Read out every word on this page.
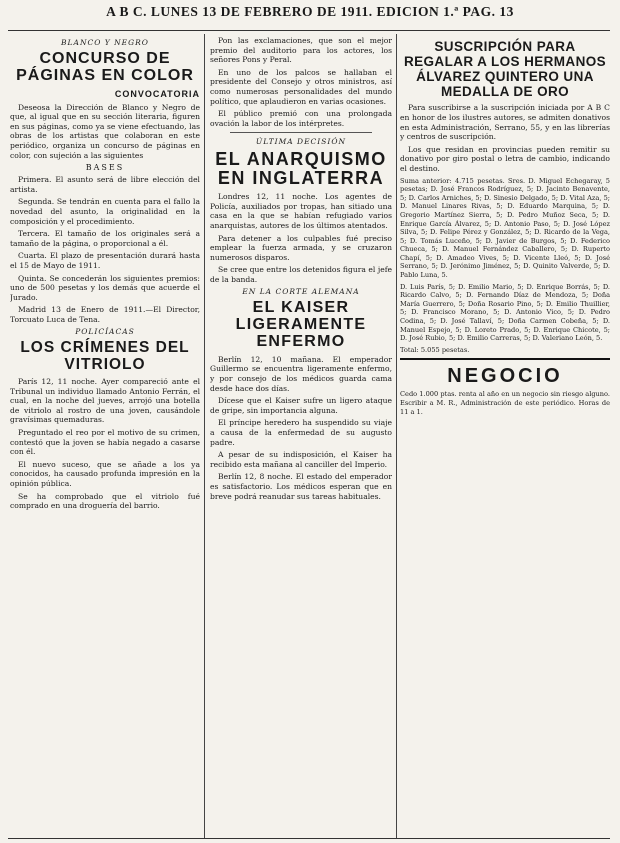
A B C. LUNES 13 DE FEBRERO DE 1911. EDICION 1.ª PAG. 13
BLANCO Y NEGRO
CONCURSO DE PÁGINAS EN COLOR
CONVOCATORIA

Deseosa la Dirección de Blanco y Negro de que, al igual que en su sección literaria, figuren en sus páginas, como ya se viene efectuando, las obras de los artistas que colaboran en este periódico, organiza un concurso de páginas en color, con sujeción a las siguientes

BASES

Primera. El asunto será de libre elección del artista.

Segunda. Se tendrán en cuenta para el fallo la novedad del asunto, la originalidad en la composición y el procedimiento.

Tercera. El tamaño de los originales será a tamaño de la página, o proporcional a él.

Cuarta. El plazo de presentación durará hasta el 15 de Mayo de 1911.

Quinta. Se concederán los siguientes premios: uno de 500 pesetas y los demás que acuerde el Jurado.

Madrid 13 de Enero de 1911.—El Director, Torcuato Luca de Tena.

POLICÍACAS
LOS CRÍMENES DEL VITRIOLO

París 12, 11 noche. Ayer compareció ante el Tribunal un individuo llamado Antonio Ferrán, el cual, en la noche del jueves, arrojó una botella de vitriolo al rostro de una joven, causándole gravísimas quemaduras.

Preguntado el reo por el motivo de su crimen, contestó que la joven se había negado a casarse con él.

El nuevo suceso, que se añade a los ya conocidos, ha causado profunda impresión en la opinión pública.

Se ha comprobado que el vitriolo fué comprado en una droguería del barrio.

Pon las exclamaciones, que son el mejor premio del auditorio para los actores, los señores Pons y Peral.

En uno de los palcos se hallaban el presidente del Consejo y otros ministros, así como numerosas personalidades del mundo político, que aplaudieron en varias ocasiones.

El público premió con una prolongada ovación la labor de los intérpretes.

ÚLTIMA DECISIÓN
EL ANARQUISMO EN INGLATERRA

Londres 12, 11 noche. Los agentes de Policía, auxiliados por tropas, han sitiado una casa en la que se habían refugiado varios anarquistas, autores de los últimos atentados.

Para detener a los culpables fué preciso emplear la fuerza armada, y se cruzaron numerosos disparos.

Se cree que entre los detenidos figura el jefe de la banda.

EN LA CORTE ALEMANA
EL KAISER LIGERAMENTE ENFERMO

Berlín 12, 10 mañana. El emperador Guillermo se encuentra ligeramente enfermo, y por consejo de los médicos guarda cama desde hace dos días.

Dícese que el Kaiser sufre un ligero ataque de gripe, sin importancia alguna.

El príncipe heredero ha suspendido su viaje a causa de la enfermedad de su augusto padre.

A pesar de su indisposición, el Kaiser ha recibido esta mañana al canciller del Imperio.

Berlín 12, 8 noche. El estado del emperador es satisfactorio. Los médicos esperan que en breve podrá reanudar sus tareas habituales.

SUSCRIPCIÓN PARA REGALAR A LOS HERMANOS ÁLVAREZ QUINTERO UNA MEDALLA DE ORO

Para suscribirse a la suscripción iniciada por A B C en honor de los ilustres autores, se admiten donativos en esta Administración, Serrano, 55, y en las librerías y centros de suscripción.

Los que residan en provincias pueden remitir su donativo por giro postal o letra de cambio, indicando el destino.

Suma anterior: 4.715 pesetas. Sres. D. Miguel Echegaray, 5 pesetas; D. José Francos Rodríguez, 5; D. Jacinto Benavente, 5; D. Carlos Arniches, 5; D. Sinesio Delgado, 5; D. Vital Aza, 5; D. Manuel Linares Rivas, 5; D. Eduardo Marquina, 5; D. Gregorio Martínez Sierra, 5; D. Pedro Muñoz Seca, 5; D. Enrique García Álvarez, 5; D. Antonio Paso, 5; D. José López Silva, 5; D. Felipe Pérez y González, 5; D. Ricardo de la Vega, 5; D. Tomás Luceño, 5; D. Javier de Burgos, 5; D. Federico Chueca, 5; D. Manuel Fernández Caballero, 5; D. Ruperto Chapí, 5; D. Amadeo Vives, 5; D. Vicente Lleó, 5; D. José Serrano, 5; D. Jerónimo Jiménez, 5; D. Quinito Valverde, 5; D. Pablo Luna, 5.

D. Luis París, 5; D. Emilio Mario, 5; D. Enrique Borrás, 5; D. Ricardo Calvo, 5; D. Fernando Díaz de Mendoza, 5; Doña María Guerrero, 5; Doña Rosario Pino, 5; D. Emilio Thuillier, 5; D. Francisco Morano, 5; D. Antonio Vico, 5; D. Pedro Codina, 5; D. José Tallaví, 5; Doña Carmen Cobeña, 5; D. Manuel Espejo, 5; D. Loreto Prado, 5; D. Enrique Chicote, 5; D. José Rubio, 5; D. Emilio Carreras, 5; D. Valeriano León, 5.

Total: 5.055 pesetas.

NEGOCIO

Cedo 1.000 ptas. renta al año en un negocio sin riesgo alguno. Escribir a M. R., Administración de este periódico. Horas de 11 a 1.
